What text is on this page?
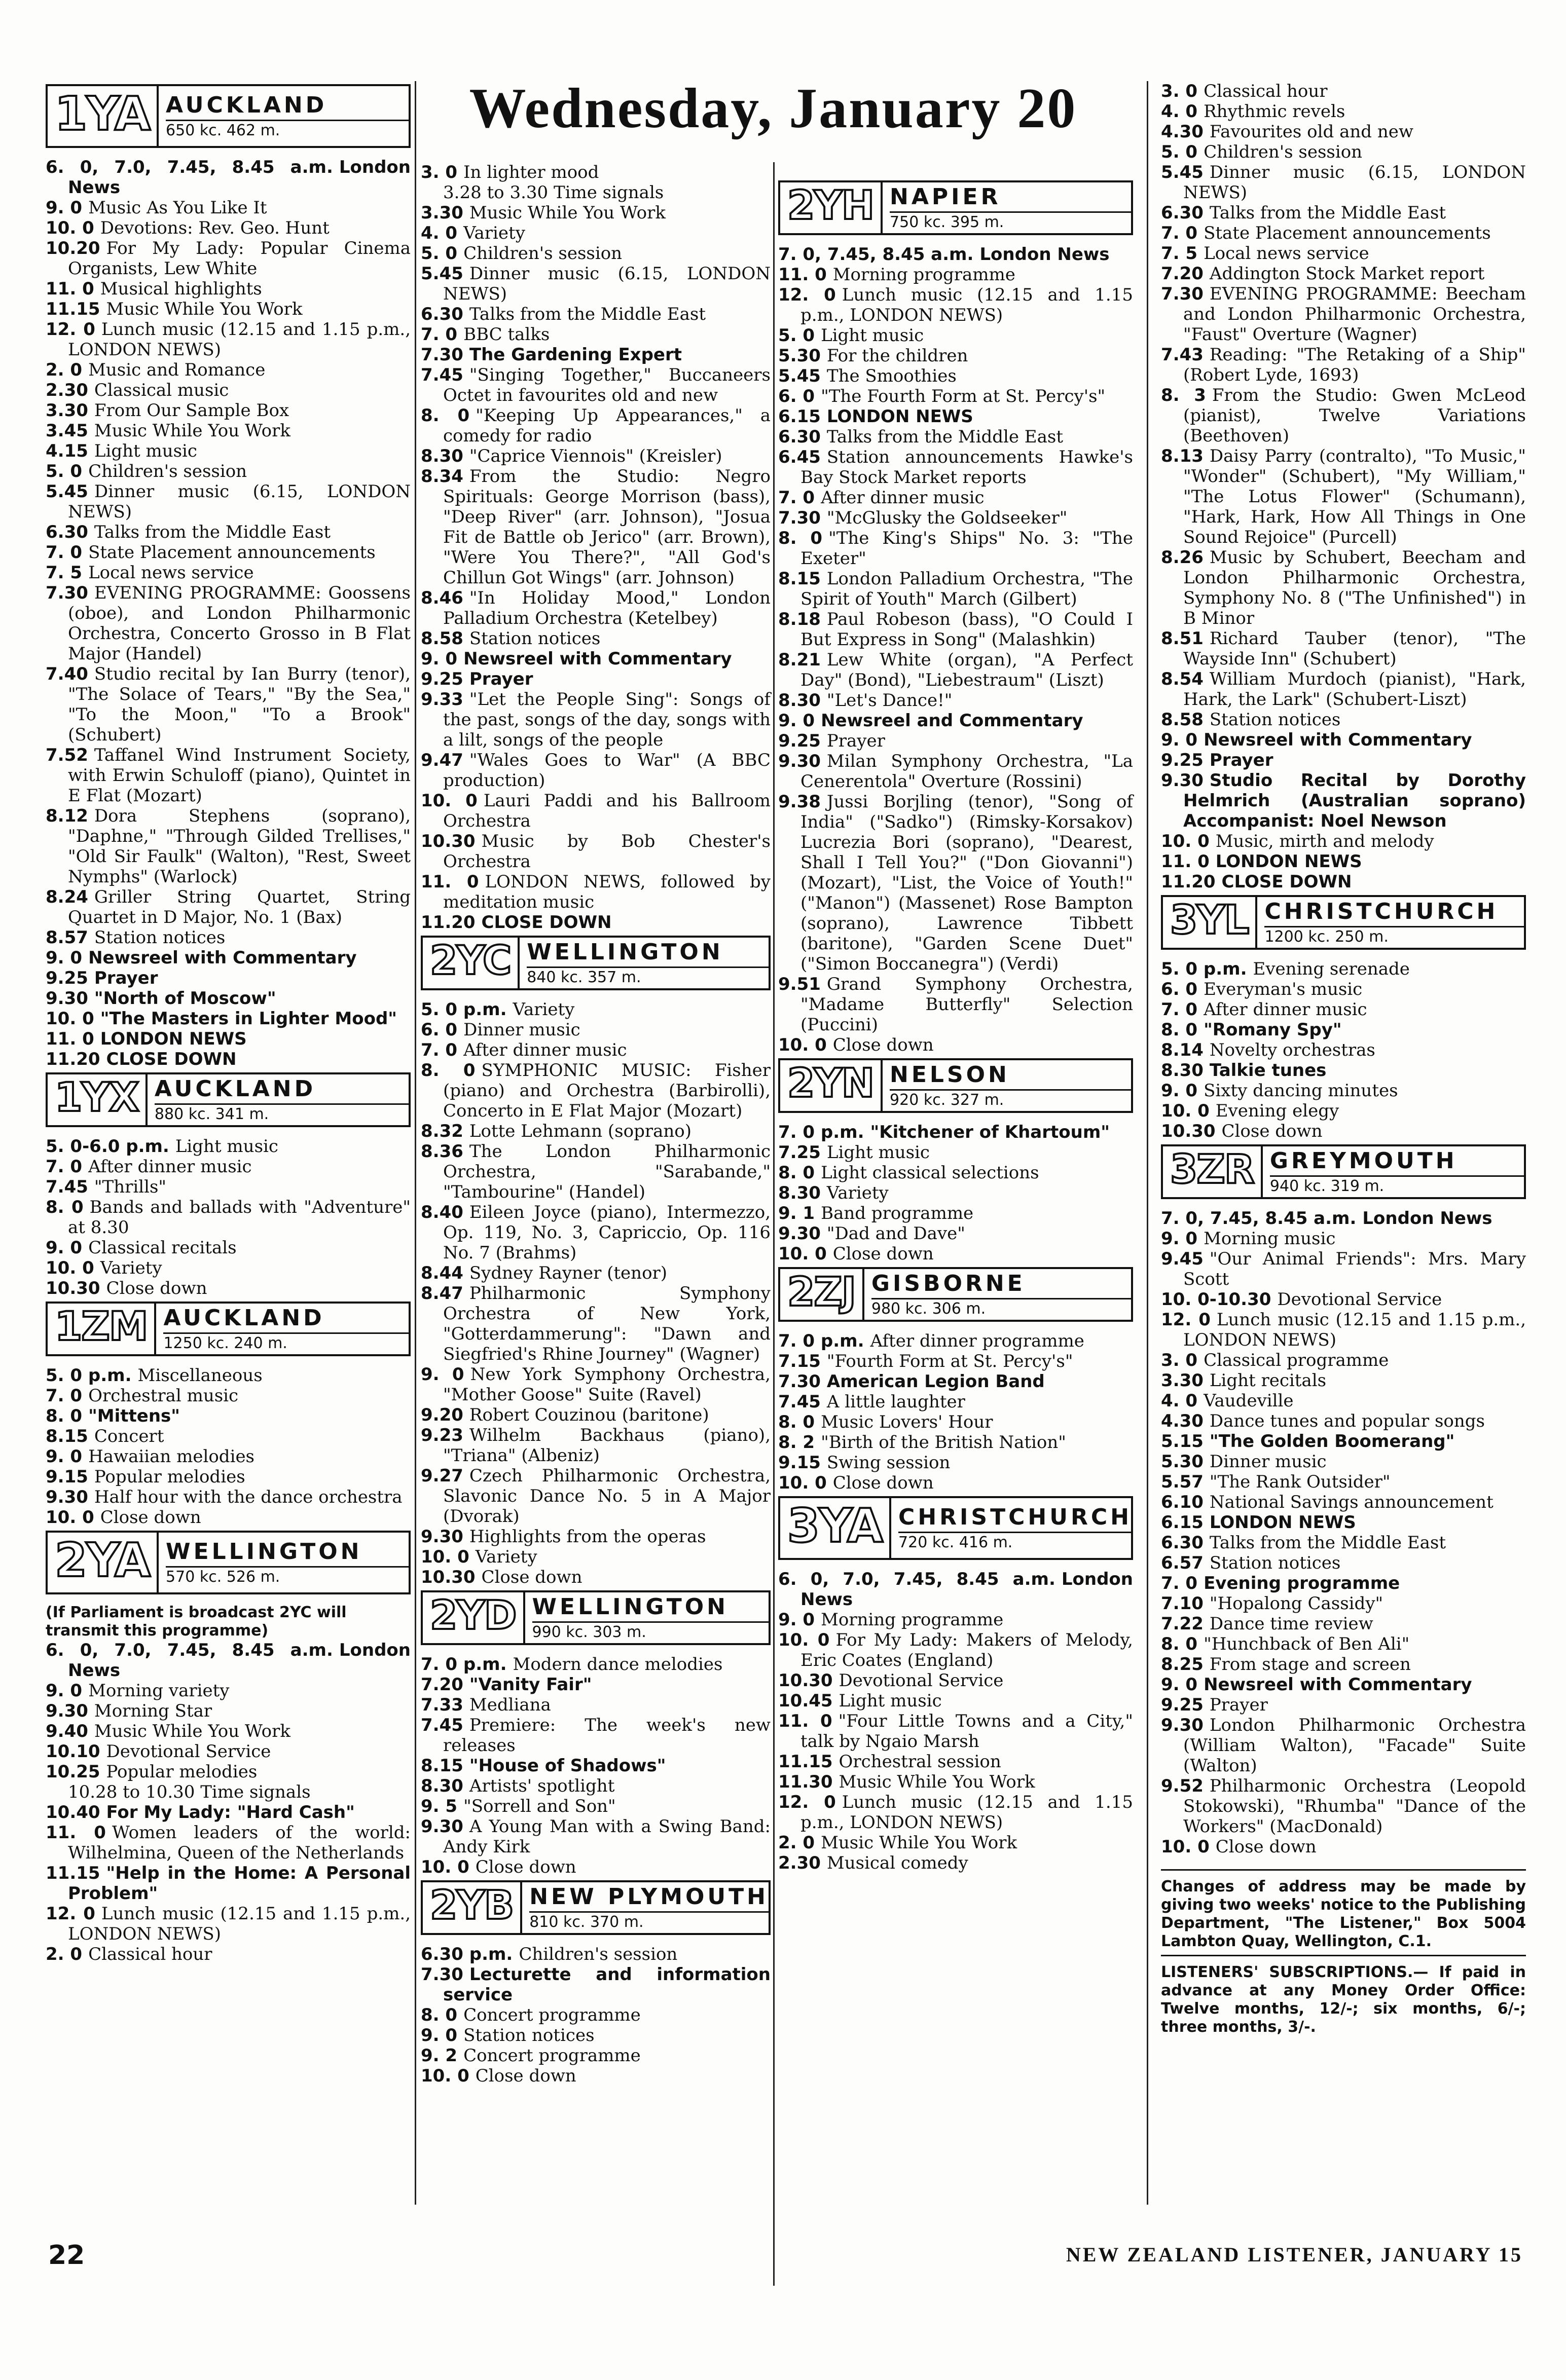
Wednesday, January 20
1YA AUCKLAND
650 kc. 462 m.

6. 0, 7.0, 7.45, 8.45 a.m. London News

9. 0 Music As You Like It

10. 0 Devotions: Rev. Geo. Hunt

10.20 For My Lady: Popular Cinema Organists, Lew White

11. 0 Musical highlights

11.15 Music While You Work

12. 0 Lunch music (12.15 and 1.15 p.m., LONDON NEWS)

2. 0 Music and Romance

2.30 Classical music

3.30 From Our Sample Box

3.45 Music While You Work

4.15 Light music

5. 0 Children's session

5.45 Dinner music (6.15, LONDON NEWS)

6.30 Talks from the Middle East

7. 0 State Placement announcements

7. 5 Local news service

7.30 EVENING PROGRAMME: Goossens (oboe), and London Philharmonic Orchestra, Concerto Grosso in B Flat Major (Handel)

7.40 Studio recital by Ian Burry (tenor), "The Solace of Tears," "By the Sea," "To the Moon," "To a Brook" (Schubert)

7.52 Taffanel Wind Instrument Society, with Erwin Schuloff (piano), Quintet in E Flat (Mozart)

8.12 Dora Stephens (soprano), "Daphne," "Through Gilded Trellises," "Old Sir Faulk" (Walton), "Rest, Sweet Nymphs" (Warlock)

8.24 Griller String Quartet, String Quartet in D Major, No. 1 (Bax)

8.57 Station notices

9. 0 Newsreel with Commentary

9.25 Prayer

9.30 "North of Moscow"

10. 0 "The Masters in Lighter Mood"

11. 0 LONDON NEWS

11.20 CLOSE DOWN

1YX AUCKLAND
880 kc. 341 m.

5. 0-6.0 p.m. Light music

7. 0 After dinner music

7.45 "Thrills"

8. 0 Bands and ballads with "Adventure" at 8.30

9. 0 Classical recitals

10. 0 Variety

10.30 Close down

1ZM AUCKLAND
1250 kc. 240 m.

5. 0 p.m. Miscellaneous

7. 0 Orchestral music

8. 0 "Mittens"

8.15 Concert

9. 0 Hawaiian melodies

9.15 Popular melodies

9.30 Half hour with the dance orchestra

10. 0 Close down

2YA WELLINGTON
570 kc. 526 m.

(If Parliament is broadcast 2YC will transmit this programme)

6. 0, 7.0, 7.45, 8.45 a.m. London News

9. 0 Morning variety

9.30 Morning Star

9.40 Music While You Work

10.10 Devotional Service

10.25 Popular melodies

10.28 to 10.30 Time signals

10.40 For My Lady: "Hard Cash"

11. 0 Women leaders of the world: Wilhelmina, Queen of the Netherlands

11.15 "Help in the Home: A Personal Problem"

12. 0 Lunch music (12.15 and 1.15 p.m., LONDON NEWS)

2. 0 Classical hour

3. 0 In lighter mood

3.28 to 3.30 Time signals

3.30 Music While You Work

4. 0 Variety

5. 0 Children's session

5.45 Dinner music (6.15, LONDON NEWS)

6.30 Talks from the Middle East

7. 0 BBC talks

7.30 The Gardening Expert

7.45 "Singing Together," Buccaneers Octet in favourites old and new

8. 0 "Keeping Up Appearances," a comedy for radio

8.30 "Caprice Viennois" (Kreisler)

8.34 From the Studio: Negro Spirituals: George Morrison (bass), "Deep River" (arr. Johnson), "Josua Fit de Battle ob Jerico" (arr. Brown), "Were You There?", "All God's Chillun Got Wings" (arr. Johnson)

8.46 "In Holiday Mood," London Palladium Orchestra (Ketelbey)

8.58 Station notices

9. 0 Newsreel with Commentary

9.25 Prayer

9.33 "Let the People Sing": Songs of the past, songs of the day, songs with a lilt, songs of the people

9.47 "Wales Goes to War" (A BBC production)

10. 0 Lauri Paddi and his Ballroom Orchestra

10.30 Music by Bob Chester's Orchestra

11. 0 LONDON NEWS, followed by meditation music

11.20 CLOSE DOWN

2YC WELLINGTON
840 kc. 357 m.

5. 0 p.m. Variety

6. 0 Dinner music

7. 0 After dinner music

8. 0 SYMPHONIC MUSIC: Fisher (piano) and Orchestra (Barbirolli), Concerto in E Flat Major (Mozart)

8.32 Lotte Lehmann (soprano)

8.36 The London Philharmonic Orchestra, "Sarabande," "Tambourine" (Handel)

8.40 Eileen Joyce (piano), Intermezzo, Op. 119, No. 3, Capriccio, Op. 116 No. 7 (Brahms)

8.44 Sydney Rayner (tenor)

8.47 Philharmonic Symphony Orchestra of New York, "Gotterdammerung": "Dawn and Siegfried's Rhine Journey" (Wagner)

9. 0 New York Symphony Orchestra, "Mother Goose" Suite (Ravel)

9.20 Robert Couzinou (baritone)

9.23 Wilhelm Backhaus (piano), "Triana" (Albeniz)

9.27 Czech Philharmonic Orchestra, Slavonic Dance No. 5 in A Major (Dvorak)

9.30 Highlights from the operas

10. 0 Variety

10.30 Close down

2YD WELLINGTON
990 kc. 303 m.

7. 0 p.m. Modern dance melodies

7.20 "Vanity Fair"

7.33 Medliana

7.45 Premiere: The week's new releases

8.15 "House of Shadows"

8.30 Artists' spotlight

9. 5 "Sorrell and Son"

9.30 A Young Man with a Swing Band: Andy Kirk

10. 0 Close down

2YB NEW PLYMOUTH
810 kc. 370 m.

6.30 p.m. Children's session

7.30 Lecturette and information service

8. 0 Concert programme

9. 0 Station notices

9. 2 Concert programme

10. 0 Close down

2YH NAPIER
750 kc. 395 m.

7. 0, 7.45, 8.45 a.m. London News

11. 0 Morning programme

12. 0 Lunch music (12.15 and 1.15 p.m., LONDON NEWS)

5. 0 Light music

5.30 For the children

5.45 The Smoothies

6. 0 "The Fourth Form at St. Percy's"

6.15 LONDON NEWS

6.30 Talks from the Middle East

6.45 Station announcements Hawke's Bay Stock Market reports

7. 0 After dinner music

7.30 "McGlusky the Goldseeker"

8. 0 "The King's Ships" No. 3: "The Exeter"

8.15 London Palladium Orchestra, "The Spirit of Youth" March (Gilbert)

8.18 Paul Robeson (bass), "O Could I But Express in Song" (Malashkin)

8.21 Lew White (organ), "A Perfect Day" (Bond), "Liebestraum" (Liszt)

8.30 "Let's Dance!"

9. 0 Newsreel and Commentary

9.25 Prayer

9.30 Milan Symphony Orchestra, "La Cenerentola" Overture (Rossini)

9.38 Jussi Borjling (tenor), "Song of India" ("Sadko") (Rimsky-Korsakov) Lucrezia Bori (soprano), "Dearest, Shall I Tell You?" ("Don Giovanni") (Mozart), "List, the Voice of Youth!" ("Manon") (Massenet) Rose Bampton (soprano), Lawrence Tibbett (baritone), "Garden Scene Duet" ("Simon Boccanegra") (Verdi)

9.51 Grand Symphony Orchestra, "Madame Butterfly" Selection (Puccini)

10. 0 Close down

2YN NELSON
920 kc. 327 m.

7. 0 p.m. "Kitchener of Khartoum"

7.25 Light music

8. 0 Light classical selections

8.30 Variety

9. 1 Band programme

9.30 "Dad and Dave"

10. 0 Close down

2ZJ GISBORNE
980 kc. 306 m.

7. 0 p.m. After dinner programme

7.15 "Fourth Form at St. Percy's"

7.30 American Legion Band

7.45 A little laughter

8. 0 Music Lovers' Hour

8. 2 "Birth of the British Nation"

9.15 Swing session

10. 0 Close down

3YA CHRISTCHURCH
720 kc. 416 m.

6. 0, 7.0, 7.45, 8.45 a.m. London News

9. 0 Morning programme

10. 0 For My Lady: Makers of Melody, Eric Coates (England)

10.30 Devotional Service

10.45 Light music

11. 0 "Four Little Towns and a City," talk by Ngaio Marsh

11.15 Orchestral session

11.30 Music While You Work

12. 0 Lunch music (12.15 and 1.15 p.m., LONDON NEWS)

2. 0 Music While You Work

2.30 Musical comedy

3. 0 Classical hour

4. 0 Rhythmic revels

4.30 Favourites old and new

5. 0 Children's session

5.45 Dinner music (6.15, LONDON NEWS)

6.30 Talks from the Middle East

7. 0 State Placement announcements

7. 5 Local news service

7.20 Addington Stock Market report

7.30 EVENING PROGRAMME: Beecham and London Philharmonic Orchestra, "Faust" Overture (Wagner)

7.43 Reading: "The Retaking of a Ship" (Robert Lyde, 1693)

8. 3 From the Studio: Gwen McLeod (pianist), Twelve Variations (Beethoven)

8.13 Daisy Parry (contralto), "To Music," "Wonder" (Schubert), "My William," "The Lotus Flower" (Schumann), "Hark, Hark, How All Things in One Sound Rejoice" (Purcell)

8.26 Music by Schubert, Beecham and London Philharmonic Orchestra, Symphony No. 8 ("The Unfinished") in B Minor

8.51 Richard Tauber (tenor), "The Wayside Inn" (Schubert)

8.54 William Murdoch (pianist), "Hark, Hark, the Lark" (Schubert-Liszt)

8.58 Station notices

9. 0 Newsreel with Commentary

9.25 Prayer

9.30 Studio Recital by Dorothy Helmrich (Australian soprano) Accompanist: Noel Newson

10. 0 Music, mirth and melody

11. 0 LONDON NEWS

11.20 CLOSE DOWN

3YL CHRISTCHURCH
1200 kc. 250 m.

5. 0 p.m. Evening serenade

6. 0 Everyman's music

7. 0 After dinner music

8. 0 "Romany Spy"

8.14 Novelty orchestras

8.30 Talkie tunes

9. 0 Sixty dancing minutes

10. 0 Evening elegy

10.30 Close down

3ZR GREYMOUTH
940 kc. 319 m.

7. 0, 7.45, 8.45 a.m. London News

9. 0 Morning music

9.45 "Our Animal Friends": Mrs. Mary Scott

10. 0-10.30 Devotional Service

12. 0 Lunch music (12.15 and 1.15 p.m., LONDON NEWS)

3. 0 Classical programme

3.30 Light recitals

4. 0 Vaudeville

4.30 Dance tunes and popular songs

5.15 "The Golden Boomerang"

5.30 Dinner music

5.57 "The Rank Outsider"

6.10 National Savings announcement

6.15 LONDON NEWS

6.30 Talks from the Middle East

6.57 Station notices

7. 0 Evening programme

7.10 "Hopalong Cassidy"

7.22 Dance time review

8. 0 "Hunchback of Ben Ali"

8.25 From stage and screen

9. 0 Newsreel with Commentary

9.25 Prayer

9.30 London Philharmonic Orchestra (William Walton), "Facade" Suite (Walton)

9.52 Philharmonic Orchestra (Leopold Stokowski), "Rhumba" "Dance of the Workers" (MacDonald)

10. 0 Close down

Changes of address may be made by giving two weeks' notice to the Publishing Department, "The Listener," Box 5004 Lambton Quay, Wellington, C.1.

LISTENERS' SUBSCRIPTIONS.— If paid in advance at any Money Order Office: Twelve months, 12/-; six months, 6/-; three months, 3/-.

22	NEW ZEALAND LISTENER, JANUARY 15
